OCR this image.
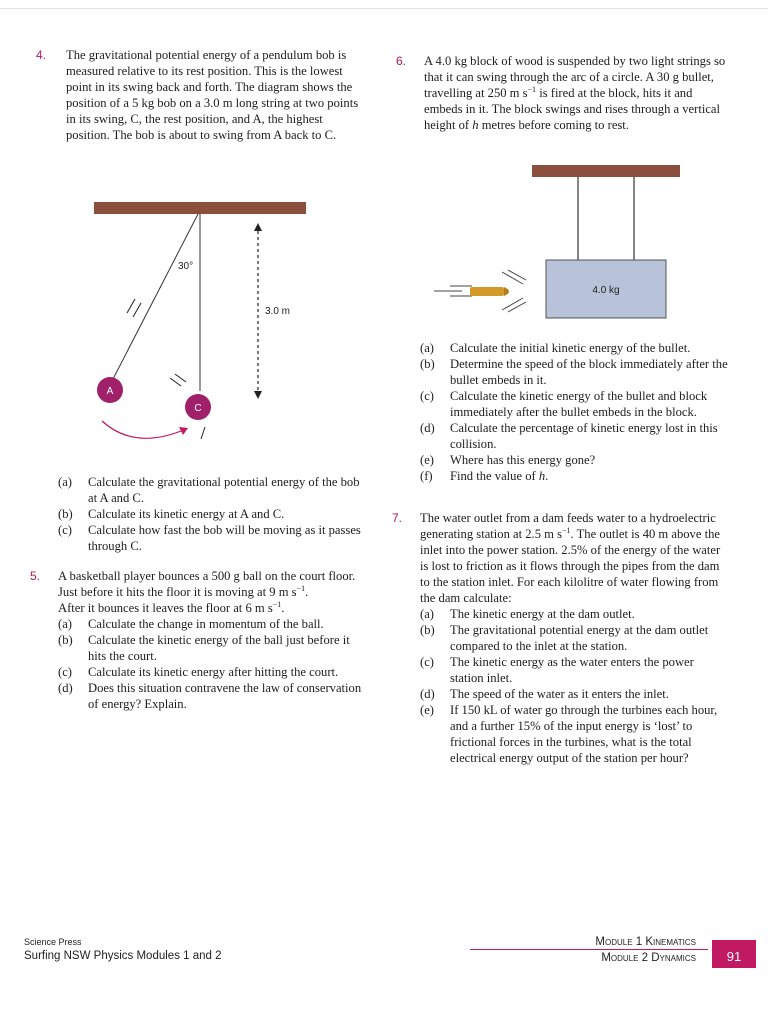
4. The gravitational potential energy of a pendulum bob is measured relative to its rest position. This is the lowest point in its swing back and forth. The diagram shows the position of a 5 kg bob on a 3.0 m long string at two points in its swing, C, the rest position, and A, the highest position. The bob is about to swing from A back to C.

30°
A
C
3.0 m

(a) Calculate the gravitational potential energy of the bob at A and C.

(b) Calculate its kinetic energy at A and C.

(c) Calculate how fast the bob will be moving as it passes through C.

5. A basketball player bounces a 500 g ball on the court floor. Just before it hits the floor it is moving at 9 m $s^{-1}$.

After it bounces it leaves the floor at 6 m $s^{-1}$.

(a) Calculate the change in momentum of the ball.

(b) Calculate the kinetic energy of the ball just before it hits the court.

(c) Calculate its kinetic energy after hitting the court.

(d) Does this situation contravene the law of conservation of energy? Explain.

6. A 4.0 kg block of wood is suspended by two light strings so that it can swing through the arc of a circle. A 30 g bullet, travelling at 250 m $s^{-1}$ is fired at the block, hits it and embeds in it. The block swings and rises through a vertical height of h metres before coming to rest.

4.0 kg

(a) Calculate the initial kinetic energy of the bullet.

(b) Determine the speed of the block immediately after the bullet embeds in it.

(c) Calculate the kinetic energy of the bullet and block immediately after the bullet embeds in the block.

(d) Calculate the percentage of kinetic energy lost in this collision.

(e) Where has this energy gone?

(f) Find the value of h.

7. The water outlet from a dam feeds water to a hydroelectric generating station at 2.5 m $s^{-1}$. The outlet is 40 m above the inlet into the power station. 2.5% of the energy of the water is lost to friction as it flows through the pipes from the dam to the station inlet. For each kilolitre of water flowing from the dam calculate:

(a) The kinetic energy at the dam outlet.

(b) The gravitational potential energy at the dam outlet compared to the inlet at the station.

(c) The kinetic energy as the water enters the power station inlet.

(d) The speed of the water as it enters the inlet.

(e) If 150 kL of water go through the turbines each hour, and a further 15% of the input energy is ‘lost’ to frictional forces in the turbines, what is the total electrical energy output of the station per hour?

Science Press
Surfing NSW Physics Modules 1 and 2
Module 1 Kinematics
Module 2 Dynamics	91
